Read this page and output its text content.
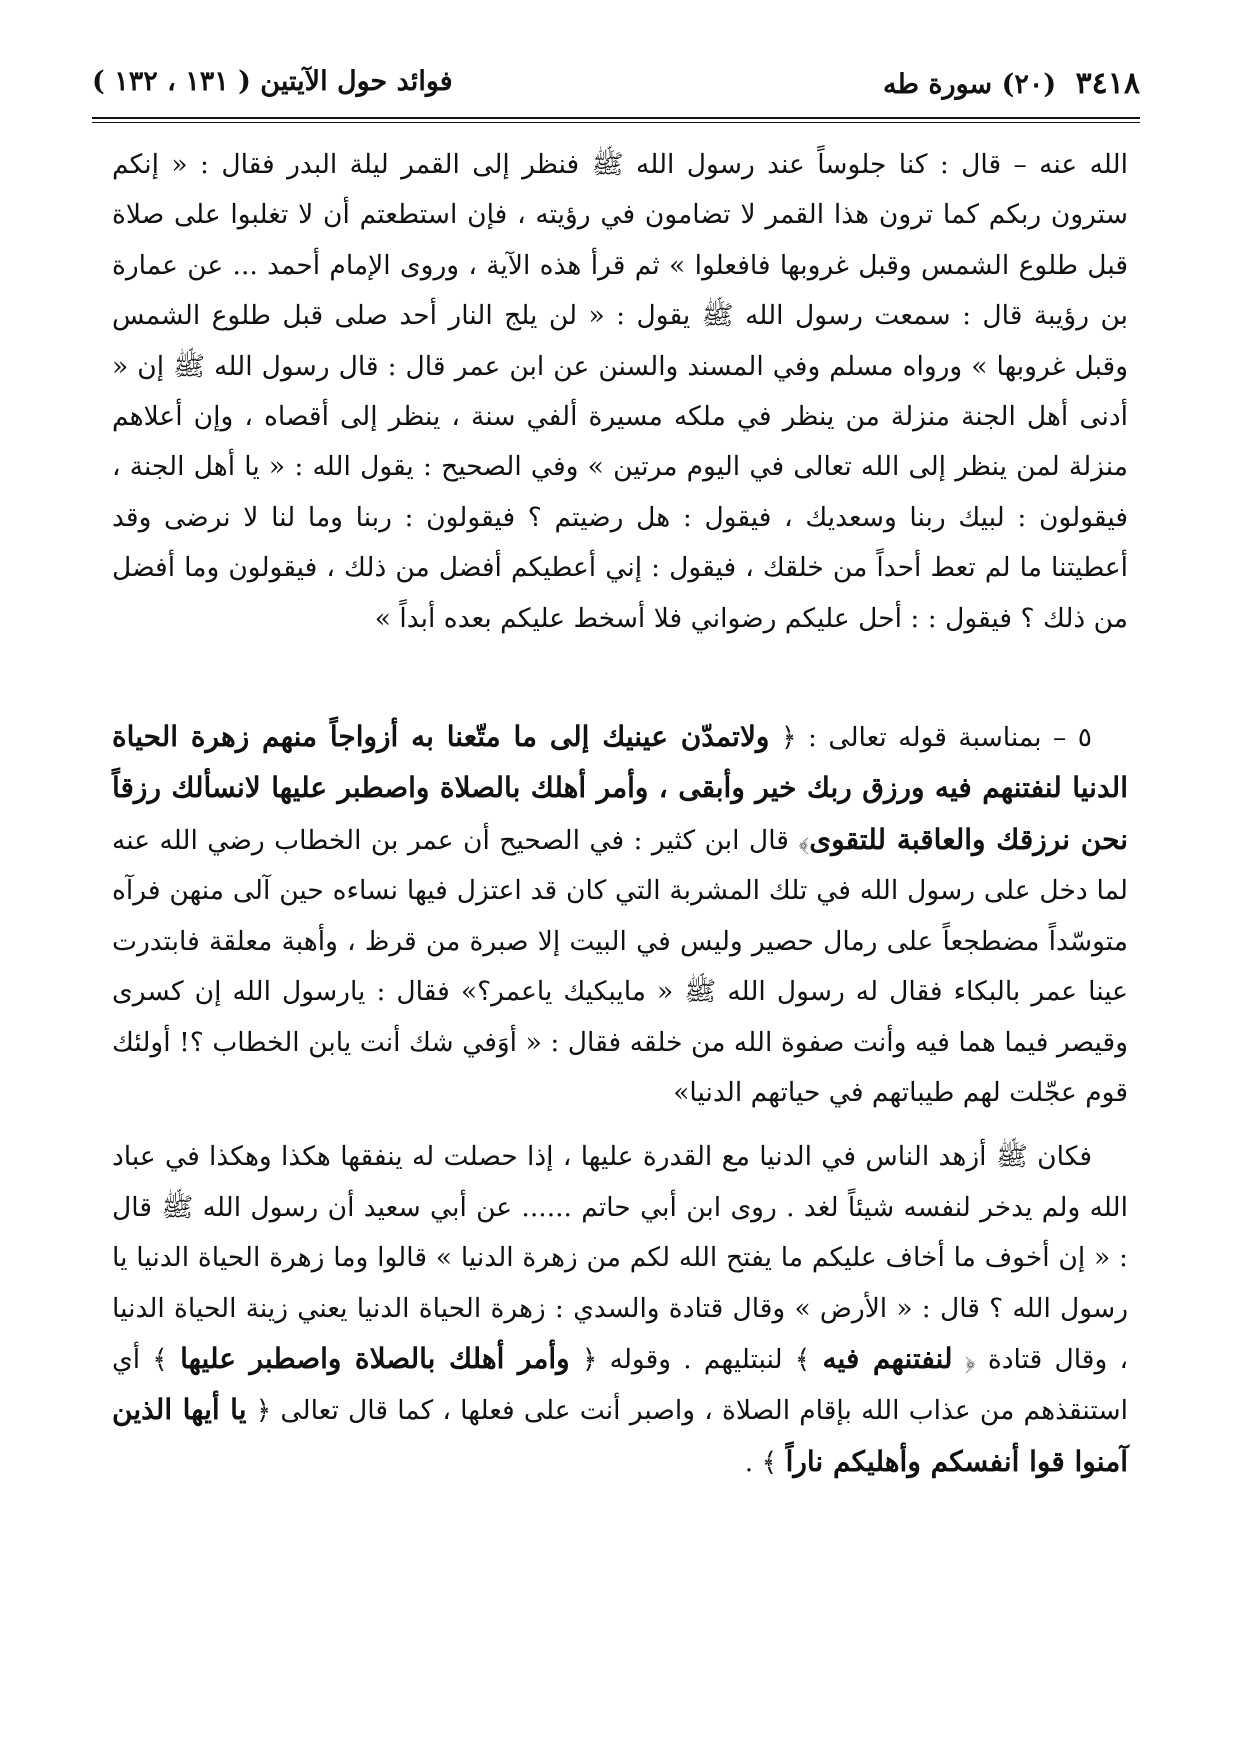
فوائد حول الآيتين ( ١٣١ ، ١٣٢ )	٣٤١٨ (٢٠) سورة طه

الله عنه – قال : كنا جلوساً عند رسول الله ﷺ فنظر إلى القمر ليلة البدر فقال : « إنكم سترون ربكم كما ترون هذا القمر لا تضامون في رؤيته ، فإن استطعتم أن لا تغلبوا على صلاة قبل طلوع الشمس وقبل غروبها فافعلوا » ثم قرأ هذه الآية ، وروى الإمام أحمد ... عن عمارة بن رؤيبة قال : سمعت رسول الله ﷺ يقول : « لن يلج النار أحد صلى قبل طلوع الشمس وقبل غروبها » ورواه مسلم وفي المسند والسنن عن ابن عمر قال : قال رسول الله ﷺ إن « أدنى أهل الجنة منزلة من ينظر في ملكه مسيرة ألفي سنة ، ينظر إلى أقصاه ، وإن أعلاهم منزلة لمن ينظر إلى الله تعالى في اليوم مرتين » وفي الصحيح : يقول الله : « يا أهل الجنة ، فيقولون : لبيك ربنا وسعديك ، فيقول : هل رضيتم ؟ فيقولون : ربنا وما لنا لا نرضى وقد أعطيتنا ما لم تعط أحداً من خلقك ، فيقول : إني أعطيكم أفضل من ذلك ، فيقولون وما أفضل من ذلك ؟ فيقول : : أحل عليكم رضواني فلا أسخط عليكم بعده أبداً »

٥ – بمناسبة قوله تعالى : ﴿ ولاتمدّن عينيك إلى ما متّعنا به أزواجاً منهم زهرة الحياة الدنيا لنفتنهم فيه ورزق ربك خير وأبقى ، وأمر أهلك بالصلاة واصطبر عليها لانسألك رزقاً نحن نرزقك والعاقبة للتقوى﴾ قال ابن كثير : في الصحيح أن عمر بن الخطاب رضي الله عنه لما دخل على رسول الله في تلك المشربة التي كان قد اعتزل فيها نساءه حين آلى منهن فرآه متوسّداً مضطجعاً على رمال حصير وليس في البيت إلا صبرة من قرظ ، وأهبة معلقة فابتدرت عينا عمر بالبكاء فقال له رسول الله ﷺ « مايبكيك ياعمر؟» فقال : يارسول الله إن كسرى وقيصر فيما هما فيه وأنت صفوة الله من خلقه فقال : « أوَفي شك أنت يابن الخطاب ؟! أولئك قوم عجّلت لهم طيباتهم في حياتهم الدنيا»

فكان ﷺ أزهد الناس في الدنيا مع القدرة عليها ، إذا حصلت له ينفقها هكذا وهكذا في عباد الله ولم يدخر لنفسه شيئاً لغد . روى ابن أبي حاتم ...... عن أبي سعيد أن رسول الله ﷺ قال : « إن أخوف ما أخاف عليكم ما يفتح الله لكم من زهرة الدنيا » قالوا وما زهرة الحياة الدنيا يا رسول الله ؟ قال : « الأرض » وقال قتادة والسدي : زهرة الحياة الدنيا يعني زينة الحياة الدنيا ، وقال قتادة ﴿ لنفتنهم فيه ﴾ لنبتليهم . وقوله ﴿ وأمر أهلك بالصلاة واصطبر عليها ﴾ أي استنقذهم من عذاب الله بإقام الصلاة ، واصبر أنت على فعلها ، كما قال تعالى ﴿ يا أيها الذين آمنوا قوا أنفسكم وأهليكم ناراً ﴾ .
